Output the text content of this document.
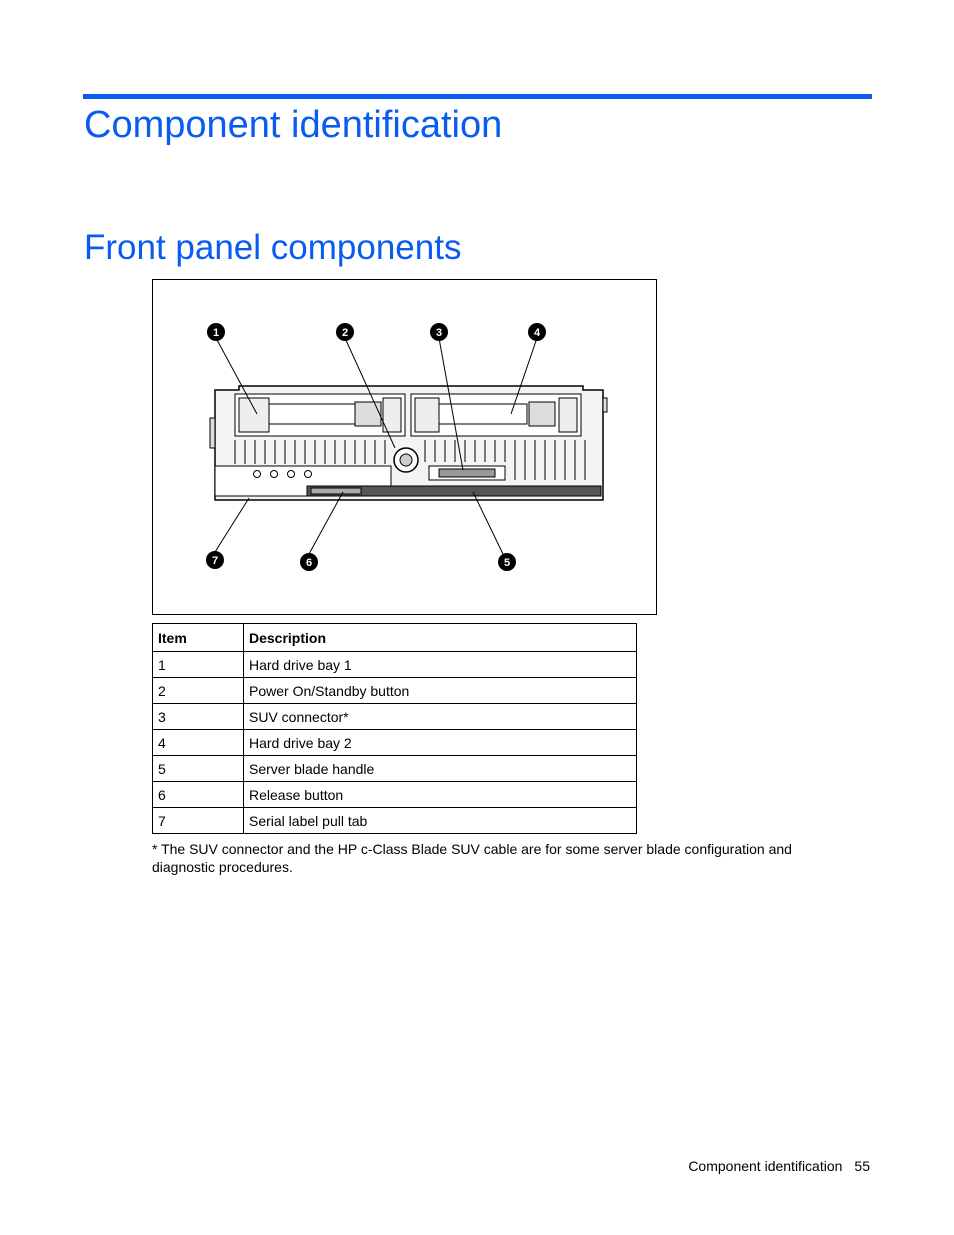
Component identification
Front panel components
1	2	3	4
5
6
7
Item	Description
1	Hard drive bay 1
2	Power On/Standby button
3	SUV connector*
4	Hard drive bay 2
5	Server blade handle
6	Release button
7	Serial label pull tab
* The SUV connector and the HP c-Class Blade SUV cable are for some server blade configuration and diagnostic procedures.
Component identification 55
